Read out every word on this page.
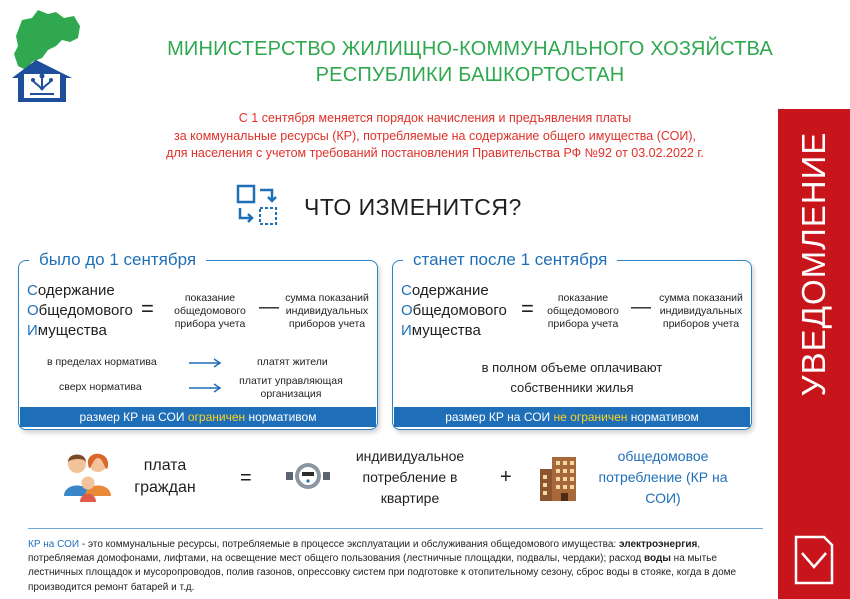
МИНИСТЕРСТВО ЖИЛИЩНО-КОММУНАЛЬНОГО ХОЗЯЙСТВА
РЕСПУБЛИКИ БАШКОРТОСТАН
С 1 сентября меняется порядок начисления и предъявления платы
за коммунальные ресурсы (КР), потребляемые на содержание общего имущества (СОИ),
для населения с учетом требований постановления Правительства РФ №92 от 03.02.2022 г.
ЧТО ИЗМЕНИТСЯ?
было до 1 сентября
Содержание
Общедомового
Имущества
=	показание общедомового прибора учета
— сумма показаний индивидуальных приборов учета
в пределах норматива	платят жители
сверх норматива	платит управляющая организация
размер КР на СОИ ограничен нормативом
станет после 1 сентября
Содержание
Общедомового
Имущества
=	показание общедомового прибора учета
— сумма показаний индивидуальных приборов учета
в полном объеме оплачивают
собственники жилья
размер КР на СОИ не ограничен нормативом
плата граждан	=
индивидуальное потребление в квартире
+
общедомовое потребление (КР на СОИ)
КР на СОИ - это коммунальные ресурсы, потребляемые в процессе эксплуатации и обслуживания общедомового имущества: электроэнергия, потребляемая домофонами, лифтами, на освещение мест общего пользования (лестничные площадки, подвалы, чердаки); расход воды на мытье лестничных площадок и мусоропроводов, полив газонов, опрессовку систем при подготовке к отопительному сезону, сброс воды в стояке, когда в доме производится ремонт батарей и т.д.
УВЕДОМЛЕНИЕ
